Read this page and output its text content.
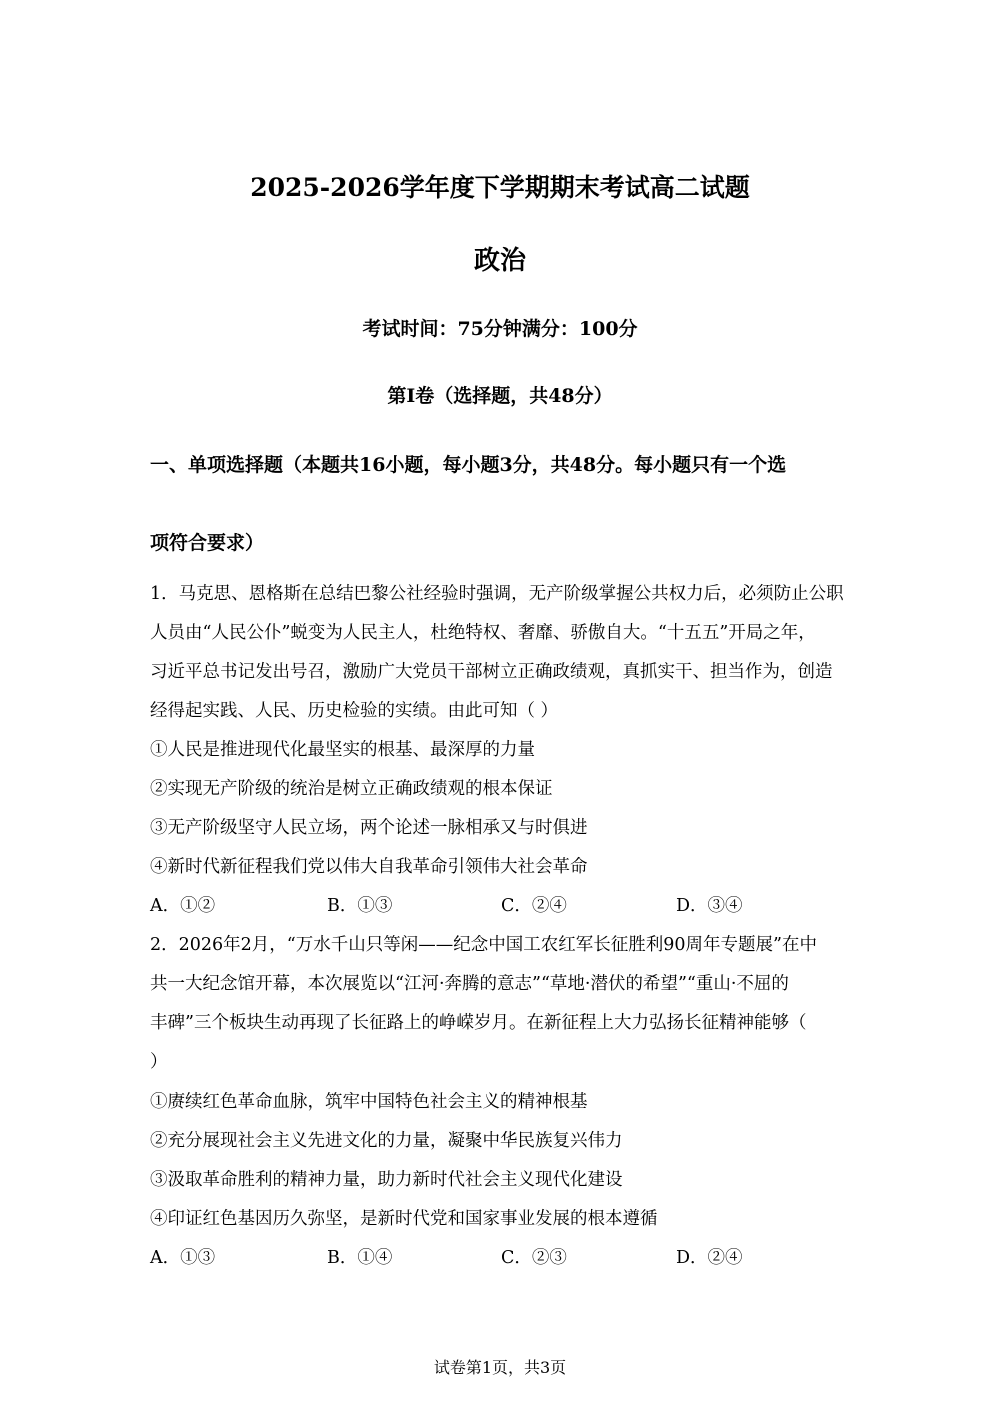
2025-2026学年度下学期期末考试高二试题
政治
考试时间：75分钟满分：100分
第Ⅰ卷（选择题，共48分）
一、单项选择题（本题共16小题，每小题3分，共48分。每小题只有一个选
项符合要求）
1．马克思、恩格斯在总结巴黎公社经验时强调，无产阶级掌握公共权力后，必须防止公职
人员由“人民公仆”蜕变为人民主人，杜绝特权、奢靡、骄傲自大。“十五五”开局之年，
习近平总书记发出号召，激励广大党员干部树立正确政绩观，真抓实干、担当作为，创造
经得起实践、人民、历史检验的实绩。由此可知（ ）
①人民是推进现代化最坚实的根基、最深厚的力量
②实现无产阶级的统治是树立正确政绩观的根本保证
③无产阶级坚守人民立场，两个论述一脉相承又与时俱进
④新时代新征程我们党以伟大自我革命引领伟大社会革命
A．①②	B．①③	C．②④	D．③④
2．2026年2月，“万水千山只等闲——纪念中国工农红军长征胜利90周年专题展”在中
共一大纪念馆开幕，本次展览以“江河·奔腾的意志”“草地·潜伏的希望”“重山·不屈的
丰碑”三个板块生动再现了长征路上的峥嵘岁月。在新征程上大力弘扬长征精神能够（
）
①赓续红色革命血脉，筑牢中国特色社会主义的精神根基
②充分展现社会主义先进文化的力量，凝聚中华民族复兴伟力
③汲取革命胜利的精神力量，助力新时代社会主义现代化建设
④印证红色基因历久弥坚，是新时代党和国家事业发展的根本遵循
A．①③	B．①④	C．②③	D．②④
试卷第1页，共3页
